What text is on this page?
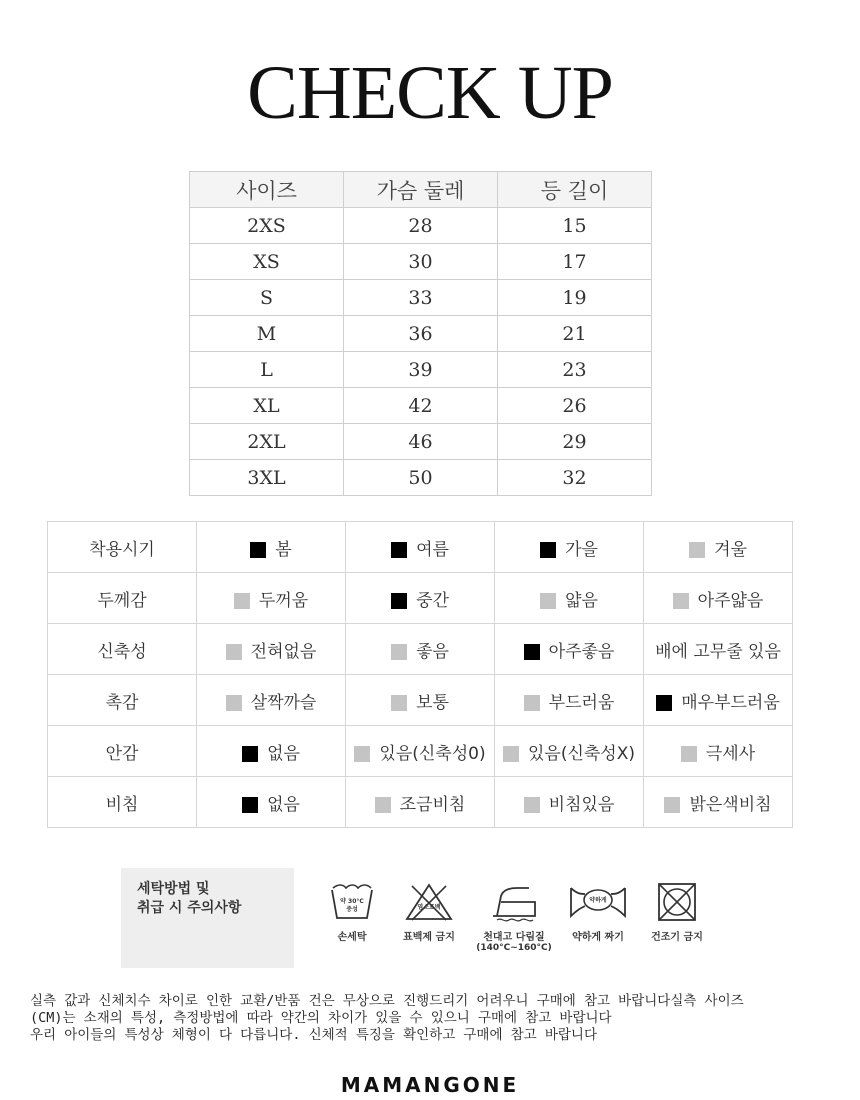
CHECK UP
사이즈	가슴 둘레	등 길이
2XS	28	15
XS	30	17
S	33	19
M	36	21
L	39	23
XL	42	26
2XL	46	29
3XL	50	32
착용시기	봄	여름	가을	겨울
두께감	두꺼움	중간	얇음	아주얇음
신축성	전혀없음	좋음	아주좋음	배에 고무줄 있음
촉감	살짝까슬	보통	부드러움	매우부드러움
안감	없음	있음(신축성0)	있음(신축성X)	극세사
비침	없음	조금비침	비침있음	밝은색비침
세탁방법 및
취급 시 주의사항	약 30°C
중성
손세탁
염소표백
표백제 금지	천대고 다림질
(140°C~160°C)
약하게
약하게 짜기	건조기 금지
실측 값과 신체치수 차이로 인한 교환/반품 건은 무상으로 진행드리기 어려우니 구매에 참고 바랍니다실측 사이즈
(CM)는 소재의 특성, 측정방법에 따라 약간의 차이가 있을 수 있으니 구매에 참고 바랍니다
우리 아이들의 특성상 체형이 다 다릅니다. 신체적 특징을 확인하고 구매에 참고 바랍니다
MAMANGONE
